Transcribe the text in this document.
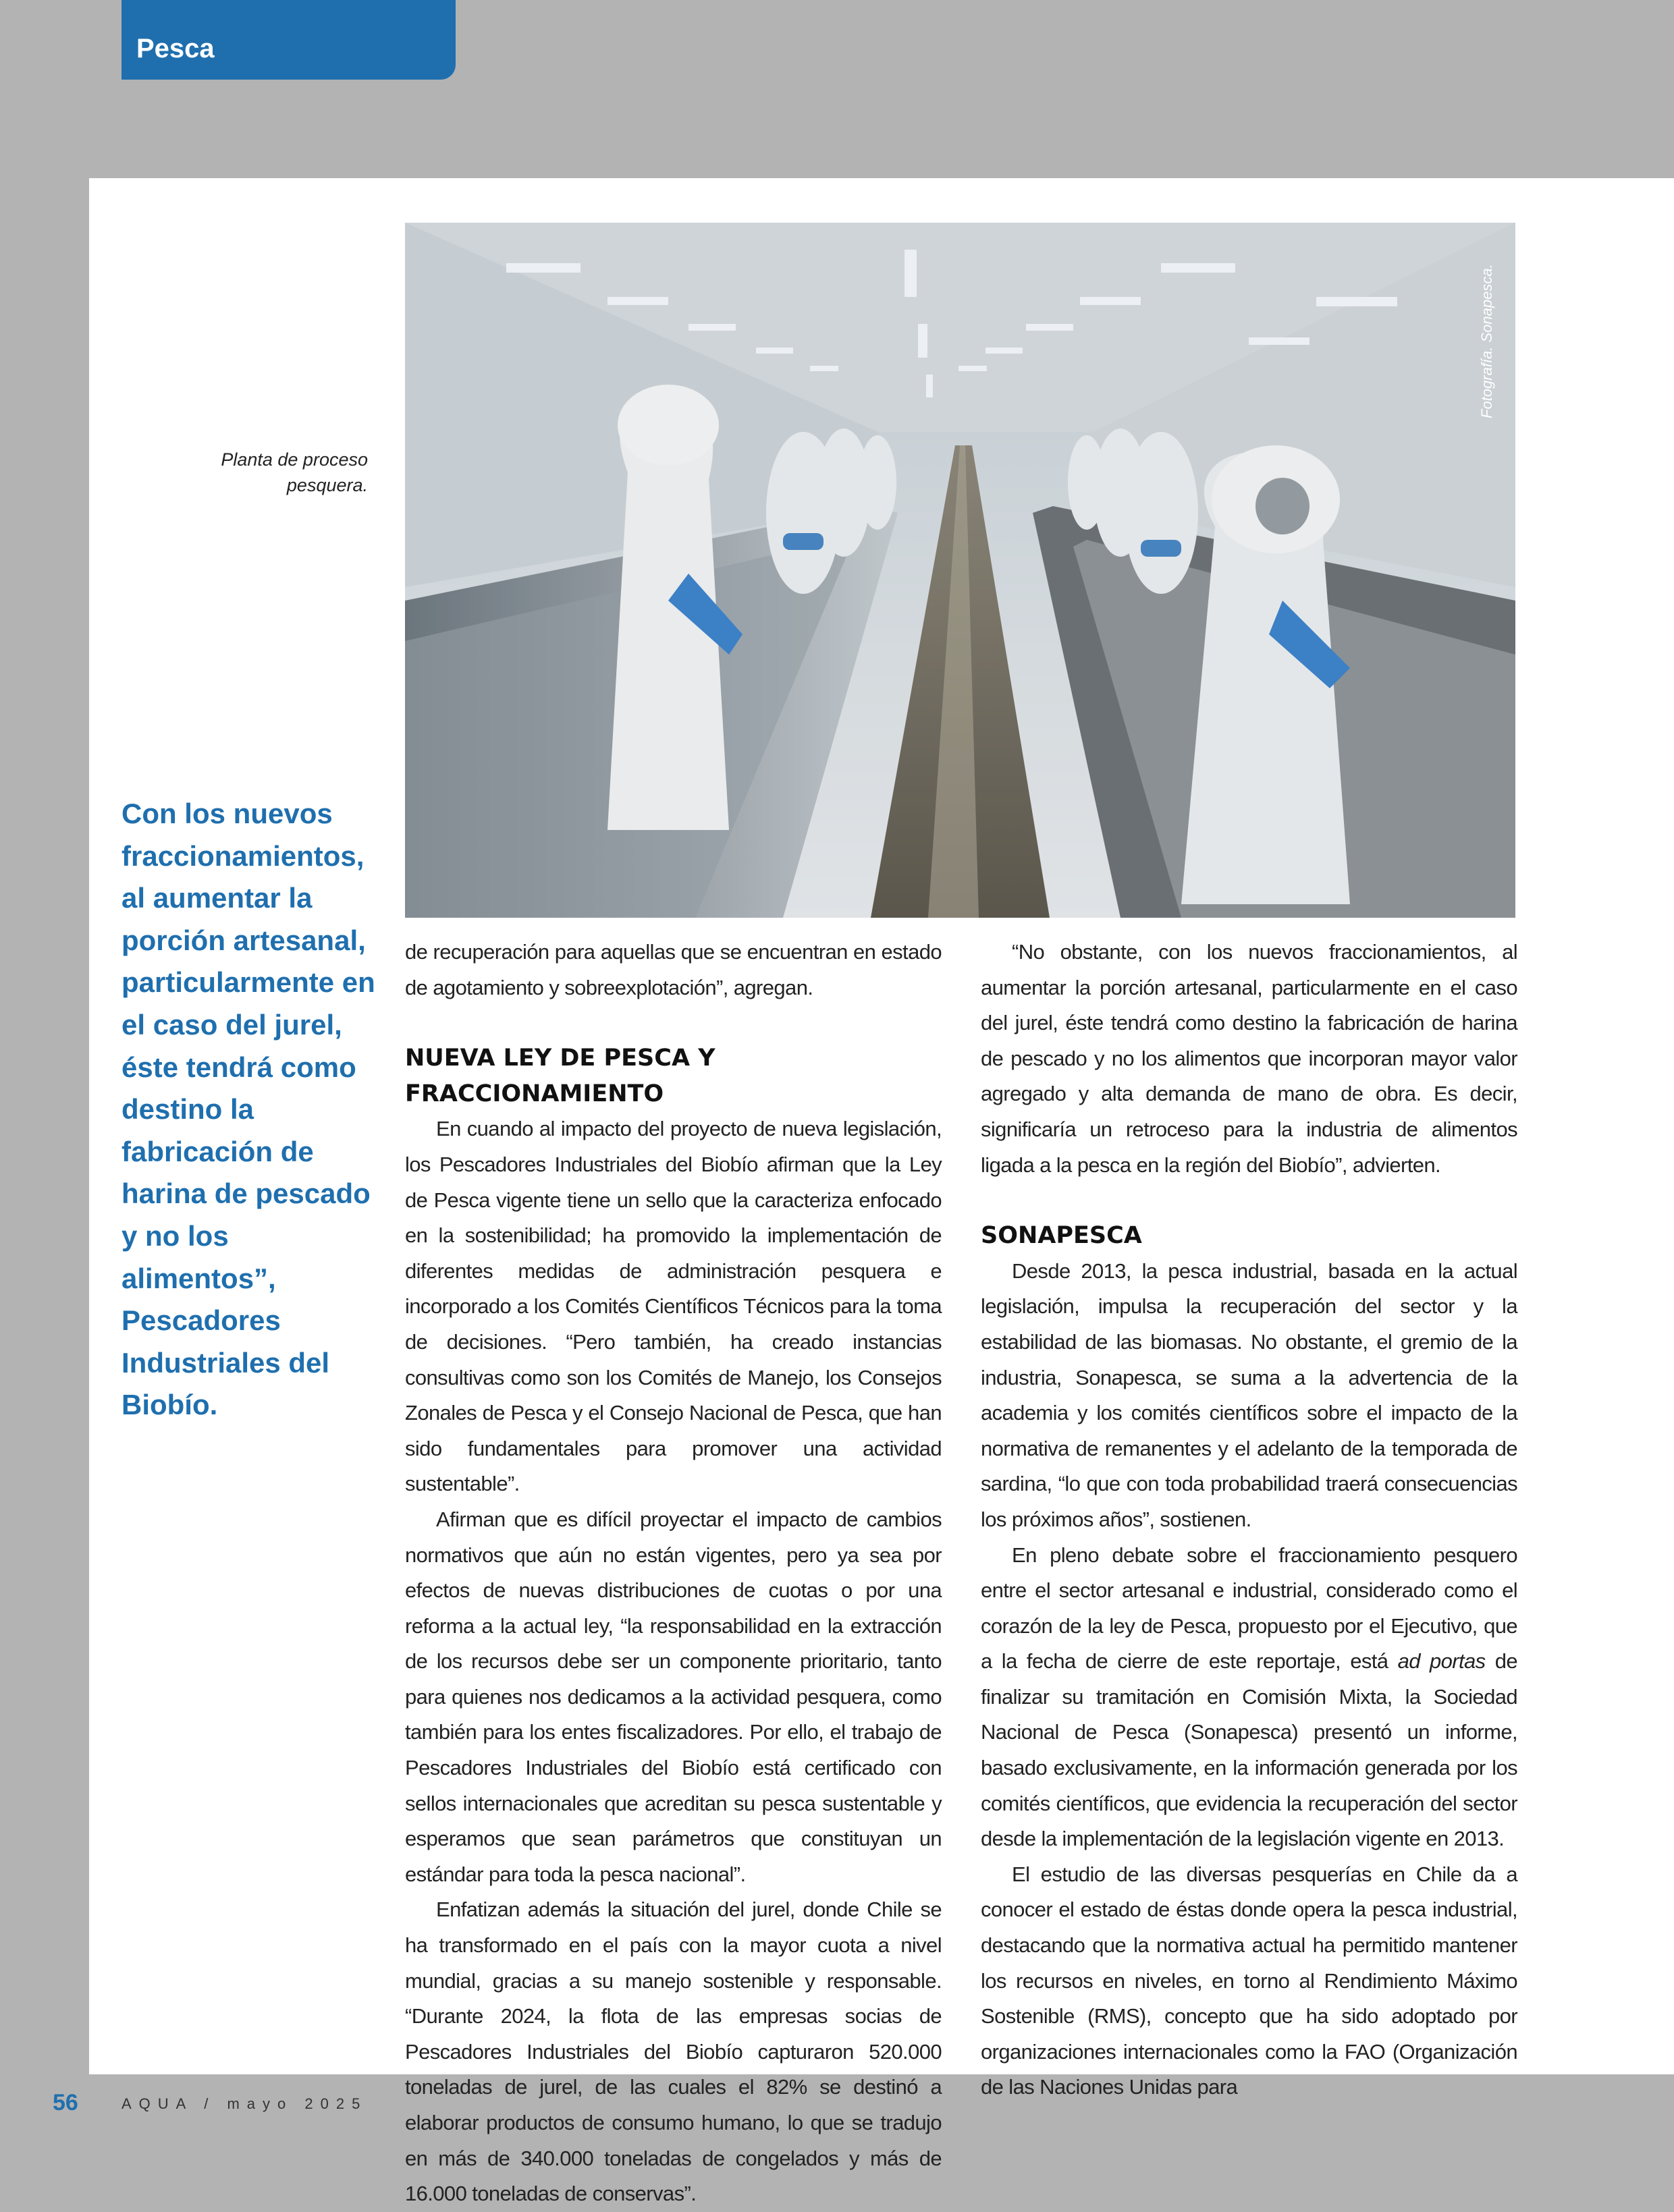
Pesca
Planta de proceso
pesquera.
Con los nuevos fraccionamientos, al aumentar la porción artesanal, particularmente en el caso del jurel, éste tendrá como destino la fabricación de harina de pescado y no los alimentos”, Pescadores Industriales del Biobío.

de recuperación para aquellas que se encuentran en estado de agotamiento y sobreexplotación”, agregan.

NUEVA LEY DE PESCA Y FRACCIONAMIENTO

En cuando al impacto del proyecto de nueva legislación, los Pescadores Industriales del Biobío afirman que la Ley de Pesca vigente tiene un sello que la caracteriza enfocado en la sostenibilidad; ha promovido la implementación de diferentes medidas de administración pesquera e incorporado a los Comités Científicos Técnicos para la toma de decisiones. “Pero también, ha creado instancias consultivas como son los Comités de Manejo, los Consejos Zonales de Pesca y el Consejo Nacional de Pesca, que han sido fundamentales para promover una actividad sustentable”.

Afirman que es difícil proyectar el impacto de cambios normativos que aún no están vigentes, pero ya sea por efectos de nuevas distribuciones de cuotas o por una reforma a la actual ley, “la responsabilidad en la extracción de los recursos debe ser un componente prioritario, tanto para quienes nos dedicamos a la actividad pesquera, como también para los entes fiscalizadores. Por ello, el trabajo de Pescadores Industriales del Biobío está certificado con sellos internacionales que acreditan su pesca sustentable y esperamos que sean parámetros que constituyan un estándar para toda la pesca nacional”.

Enfatizan además la situación del jurel, donde Chile se ha transformado en el país con la mayor cuota a nivel mundial, gracias a su manejo sostenible y responsable. “Durante 2024, la flota de las empresas socias de Pescadores Industriales del Biobío capturaron 520.000 toneladas de jurel, de las cuales el 82% se destinó a elaborar productos de consumo humano, lo que se tradujo en más de 340.000 toneladas de congelados y más de 16.000 toneladas de conservas”.

“No obstante, con los nuevos fraccionamientos, al aumentar la porción artesanal, particularmente en el caso del jurel, éste tendrá como destino la fabricación de harina de pescado y no los alimentos que incorporan mayor valor agregado y alta demanda de mano de obra. Es decir, significaría un retroceso para la industria de alimentos ligada a la pesca en la región del Biobío”, advierten.

SONAPESCA

Desde 2013, la pesca industrial, basada en la actual legislación, impulsa la recuperación del sector y la estabilidad de las biomasas. No obstante, el gremio de la industria, Sonapesca, se suma a la advertencia de la academia y los comités científicos sobre el impacto de la normativa de remanentes y el adelanto de la temporada de sardina, “lo que con toda probabilidad traerá consecuencias los próximos años”, sostienen.

En pleno debate sobre el fraccionamiento pesquero entre el sector artesanal e industrial, considerado como el corazón de la ley de Pesca, propuesto por el Ejecutivo, que a la fecha de cierre de este reportaje, está ad portas de finalizar su tramitación en Comisión Mixta, la Sociedad Nacional de Pesca (Sonapesca) presentó un informe, basado exclusivamente, en la información generada por los comités científicos, que evidencia la recuperación del sector desde la implementación de la legislación vigente en 2013.

El estudio de las diversas pesquerías en Chile da a conocer el estado de éstas donde opera la pesca industrial, destacando que la normativa actual ha permitido mantener los recursos en niveles, en torno al Rendimiento Máximo Sostenible (RMS), concepto que ha sido adoptado por organizaciones internacionales como la FAO (Organización de las Naciones Unidas para

56	AQUA / mayo 2025
